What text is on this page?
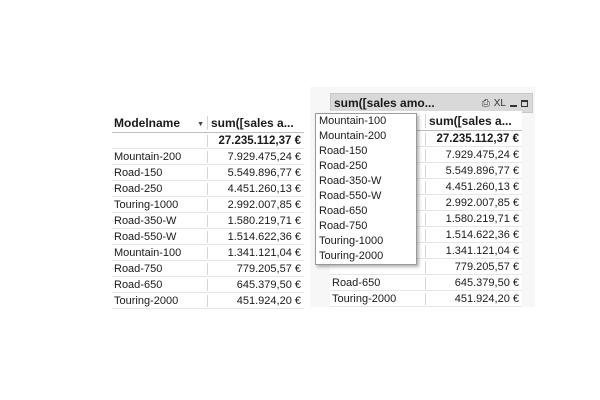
Modelname ▼ sum([sales a...
27.235.112,37 €
Mountain-200	7.929.475,24 €
Road-150	5.549.896,77 €
Road-250	4.451.260,13 €
Touring-1000	2.992.007,85 €
Road-350-W	1.580.219,71 €
Road-550-W	1.514.622,36 €
Mountain-100	1.341.121,04 €
Road-750	779.205,57 €
Road-650	645.379,50 €
Touring-2000	451.924,20 €
sum([sales amo...	⎙ XL
sum([sales a...
27.235.112,37 €
7.929.475,24 €
5.549.896,77 €
4.451.260,13 €
2.992.007,85 €
1.580.219,71 €
1.514.622,36 €
1.341.121,04 €
779.205,57 €
Road-650	645.379,50 €
Touring-2000	451.924,20 €
Mountain-100
Mountain-200
Road-150
Road-250
Road-350-W
Road-550-W
Road-650
Road-750
Touring-1000
Touring-2000
